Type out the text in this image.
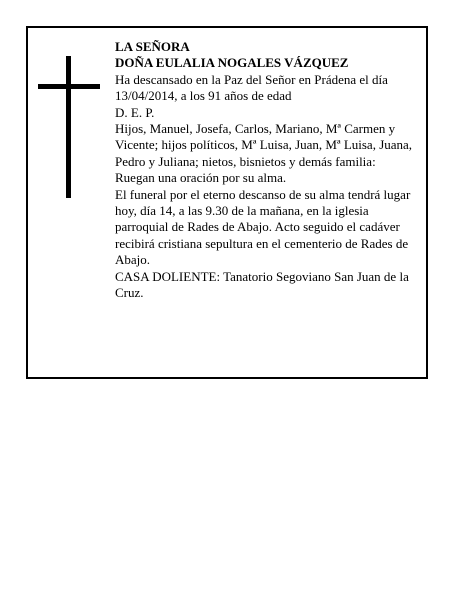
LA SEÑORA

DOÑA EULALIA NOGALES VÁZQUEZ

Ha descansado en la Paz del Señor en Prádena el día 13/04/2014, a los 91 años de edad

D. E. P.

Hijos, Manuel, Josefa, Carlos, Mariano, Mª Carmen y Vicente; hijos políticos, Mª Luisa, Juan, Mª Luisa, Juana, Pedro y Juliana; nietos, bisnietos y demás familia:

Ruegan una oración por su alma.

El funeral por el eterno descanso de su alma tendrá lugar hoy, día 14, a las 9.30 de la mañana, en la iglesia parroquial de Rades de Abajo. Acto seguido el cadáver recibirá cristiana sepultura en el cementerio de Rades de Abajo.

CASA DOLIENTE: Tanatorio Segoviano San Juan de la Cruz.
